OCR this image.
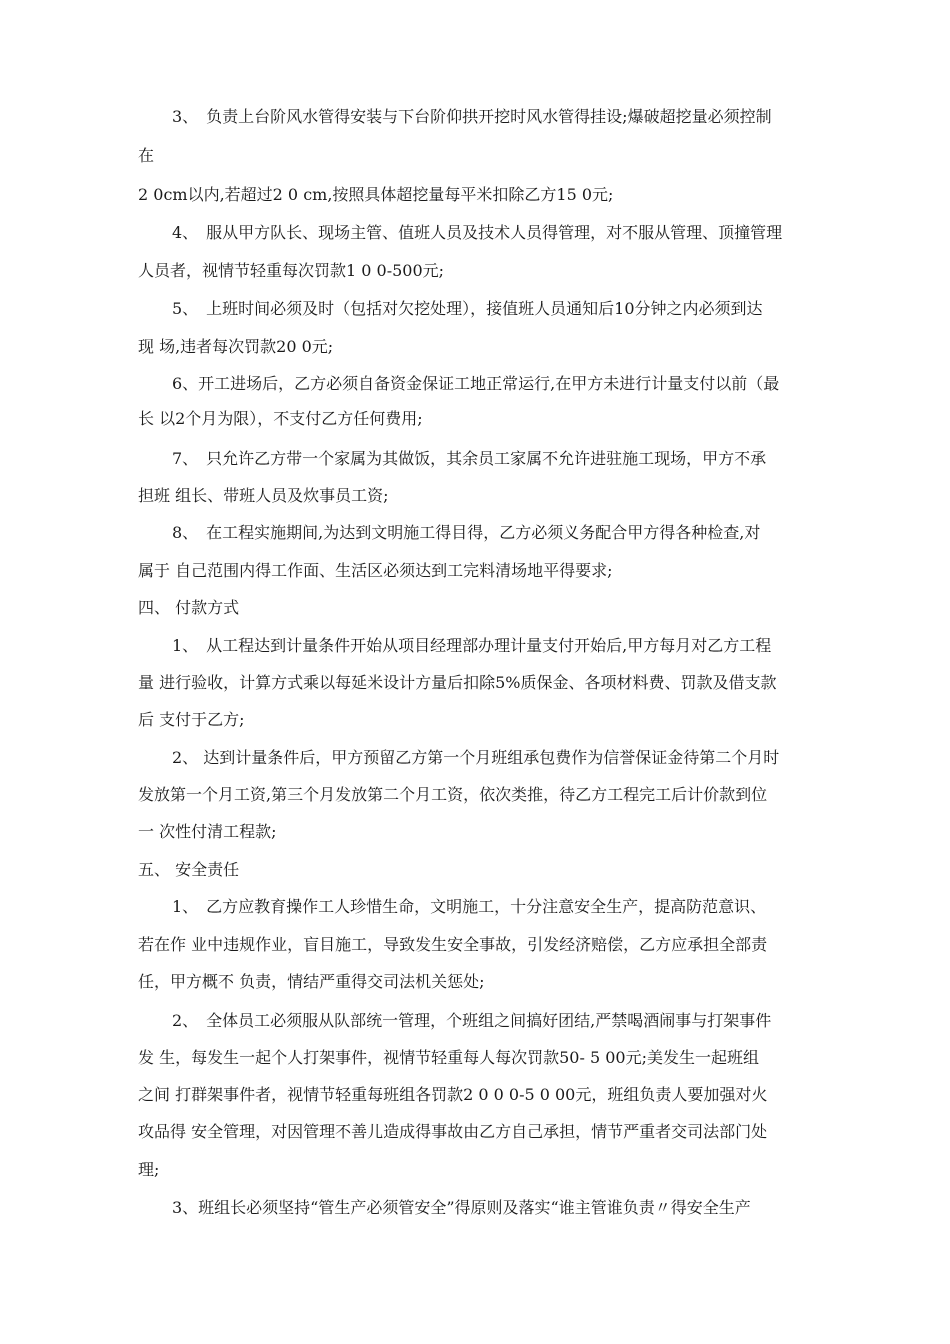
3、　负责上台阶风水管得安装与下台阶仰拱开挖时风水管得挂设;爆破超挖量必须控制
在
2 0cm以内,若超过2 0 cm,按照具体超挖量每平米扣除乙方15 0元;
4、　服从甲方队长、现场主管、值班人员及技术人员得管理，对不服从管理、顶撞管理
人员者，视情节轻重每次罚款1 0 0-500元;
5、　上班时间必须及时（包括对欠挖处理），接值班人员通知后10分钟之内必须到达
现 场,违者每次罚款20 0元;
6、开工进场后，乙方必须自备资金保证工地正常运行,在甲方未进行计量支付以前（最
长 以2个月为限），不支付乙方任何费用;
7、　只允许乙方带一个家属为其做饭，其余员工家属不允许进驻施工现场，甲方不承
担班 组长、带班人员及炊事员工资;
8、　在工程实施期间,为达到文明施工得目得，乙方必须义务配合甲方得各种检查,对
属于 自己范围内得工作面、生活区必须达到工完料清场地平得要求;
四、 付款方式
1、　从工程达到计量条件开始从项目经理部办理计量支付开始后,甲方每月对乙方工程
量 进行验收，计算方式乘以每延米设计方量后扣除5%质保金、各项材料费、罚款及借支款
后 支付于乙方;
2、 达到计量条件后，甲方预留乙方第一个月班组承包费作为信誉保证金待第二个月时
发放第一个月工资,第三个月发放第二个月工资，依次类推，待乙方工程完工后计价款到位
一 次性付清工程款;
五、 安全责任
1、　乙方应教育操作工人珍惜生命，文明施工，十分注意安全生产，提高防范意识、
若在作 业中违规作业，盲目施工，导致发生安全事故，引发经济赔偿，乙方应承担全部责
任，甲方概不 负责，情结严重得交司法机关惩处;
2、　全体员工必须服从队部统一管理，个班组之间搞好团结,严禁喝酒闹事与打架事件
发 生，每发生一起个人打架事件，视情节轻重每人每次罚款50- 5 00元;美发生一起班组
之间 打群架事件者，视情节轻重每班组各罚款2 0 0 0-5 0 00元，班组负责人要加强对火
攻品得 安全管理，对因管理不善儿造成得事故由乙方自己承担，情节严重者交司法部门处
理;
3、班组长必须坚持“管生产必须管安全”得原则及落实“谁主管谁负责〃得安全生产
